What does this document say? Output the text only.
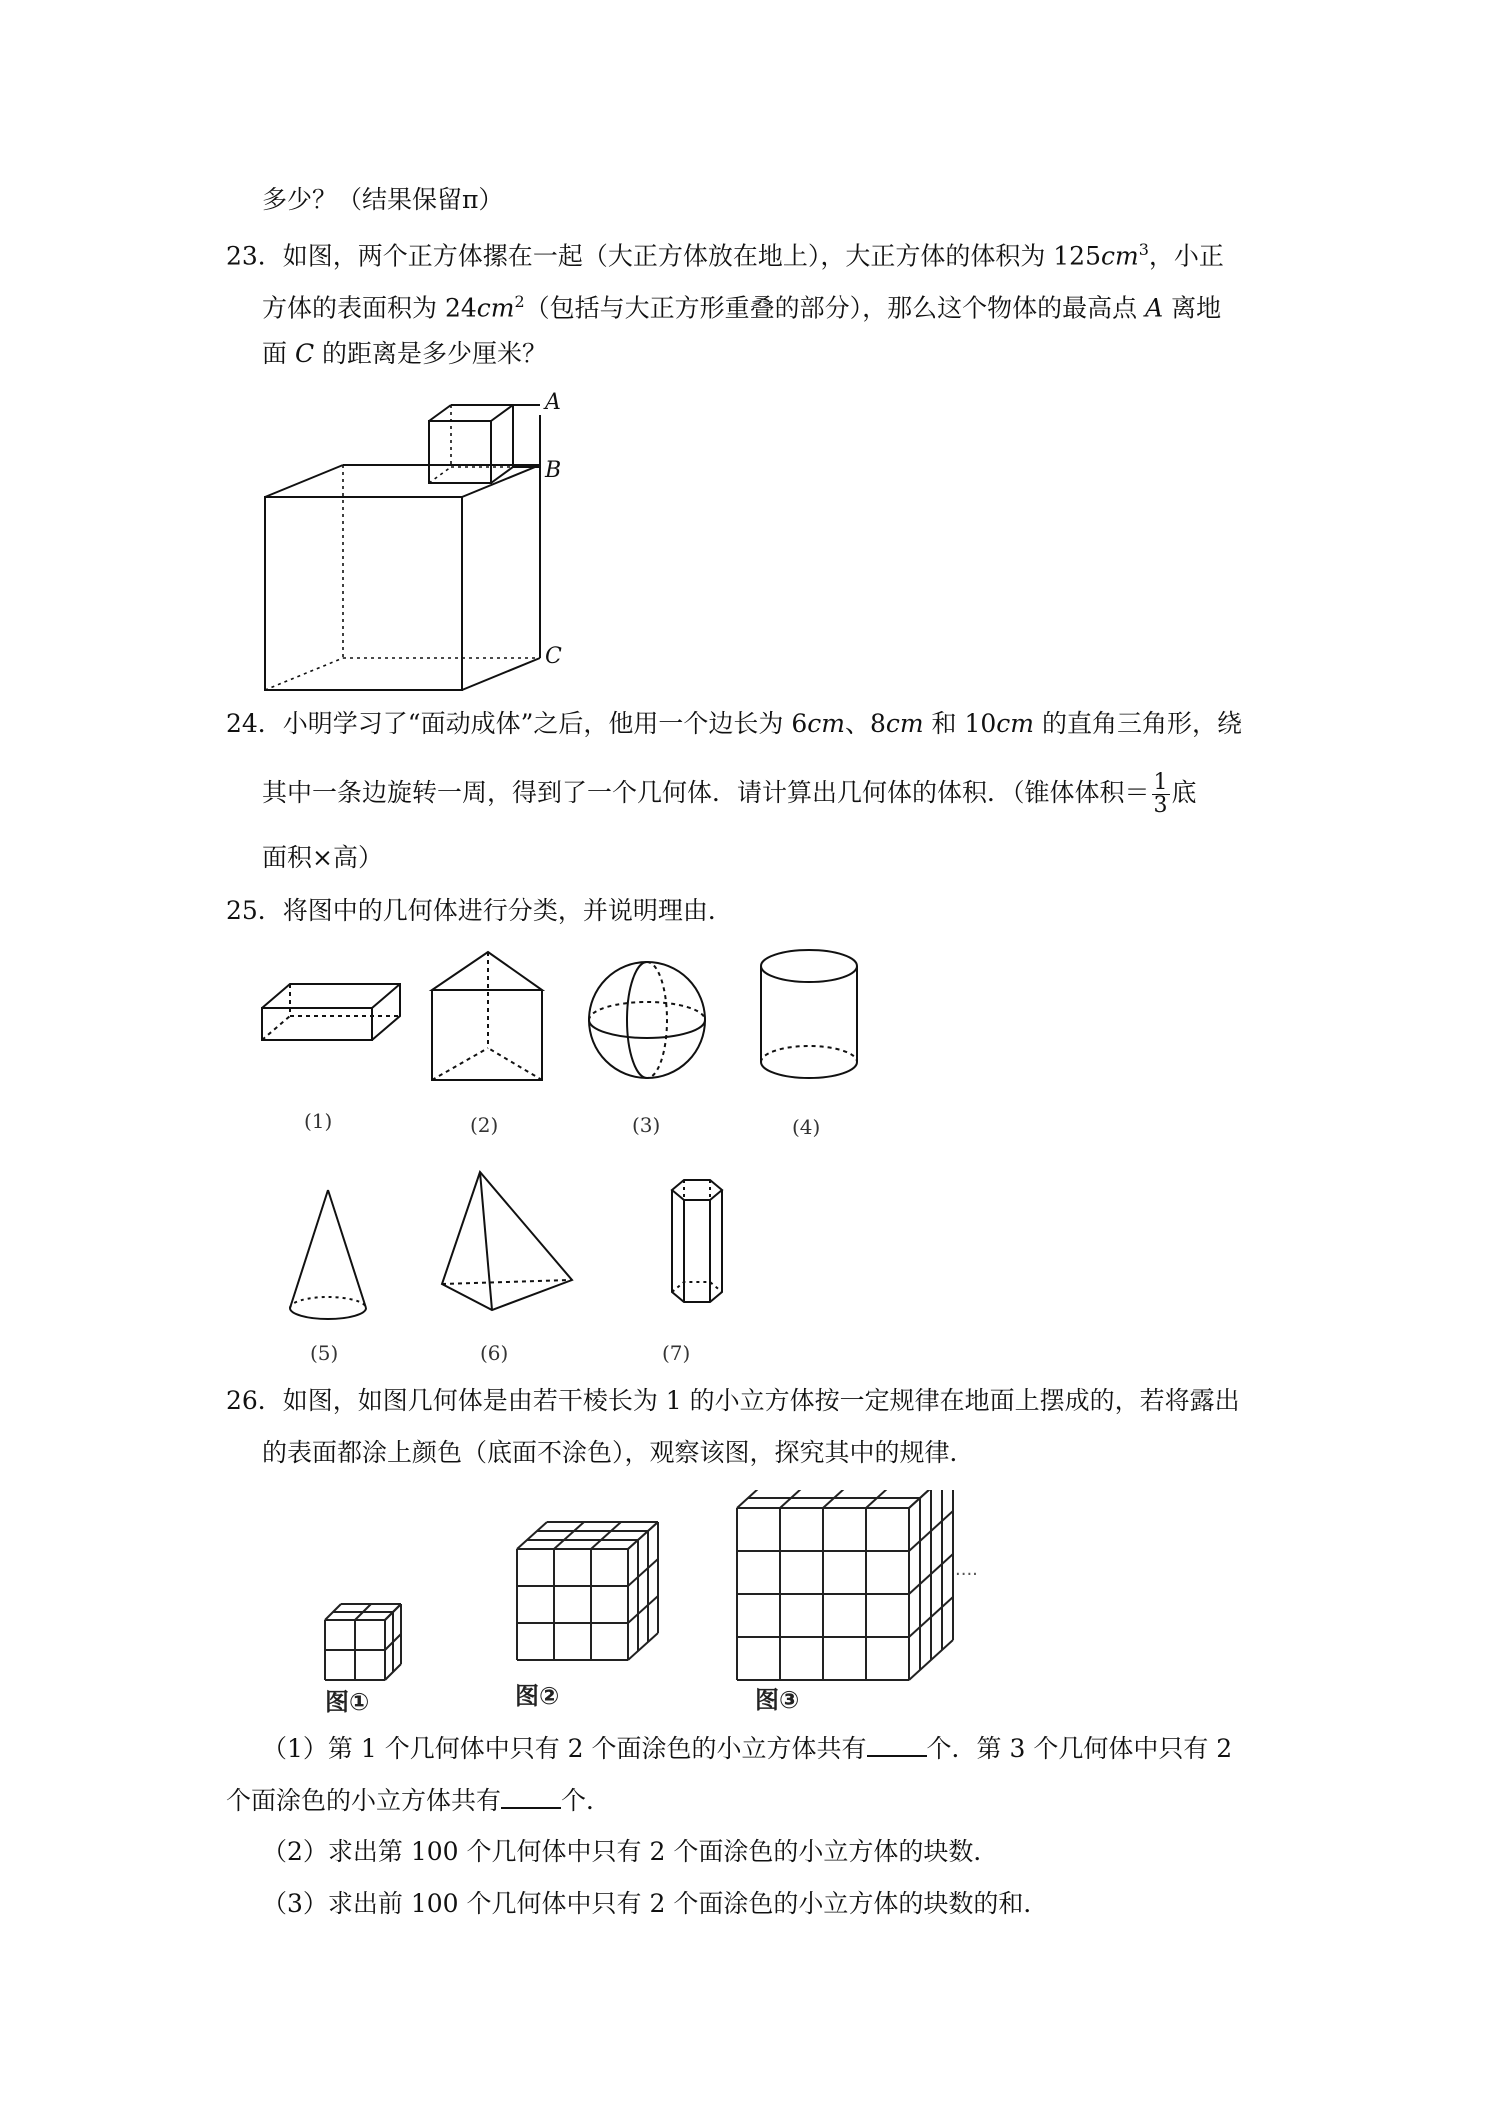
多少？（结果保留π）
23．如图，两个正方体摞在一起（大正方体放在地上），大正方体的体积为 $125cm^3$，小正
方体的表面积为 $24cm^2$（包括与大正方形重叠的部分），那么这个物体的最高点 A 离地
面 C 的距离是多少厘米？
A
B
C
24．小明学习了“面动成体”之后，他用一个边长为 6cm、8cm 和 10cm 的直角三角形，绕
其中一条边旋转一周，得到了一个几何体．请计算出几何体的体积．（锥体体积＝ $\frac{1}{3}$ 底
面积×高）
25．将图中的几何体进行分类，并说明理由．
(1)	(2)	(3)	(4)
(5)	(6)	(7)
26．如图，如图几何体是由若干棱长为 1 的小立方体按一定规律在地面上摆成的，若将露出
的表面都涂上颜色（底面不涂色），观察该图，探究其中的规律．
图①	图②	图③
····
（1）第 1 个几何体中只有 2 个面涂色的小立方体共有 个．第 3 个几何体中只有 2
个面涂色的小立方体共有 个．
（2）求出第 100 个几何体中只有 2 个面涂色的小立方体的块数．
（3）求出前 100 个几何体中只有 2 个面涂色的小立方体的块数的和．
